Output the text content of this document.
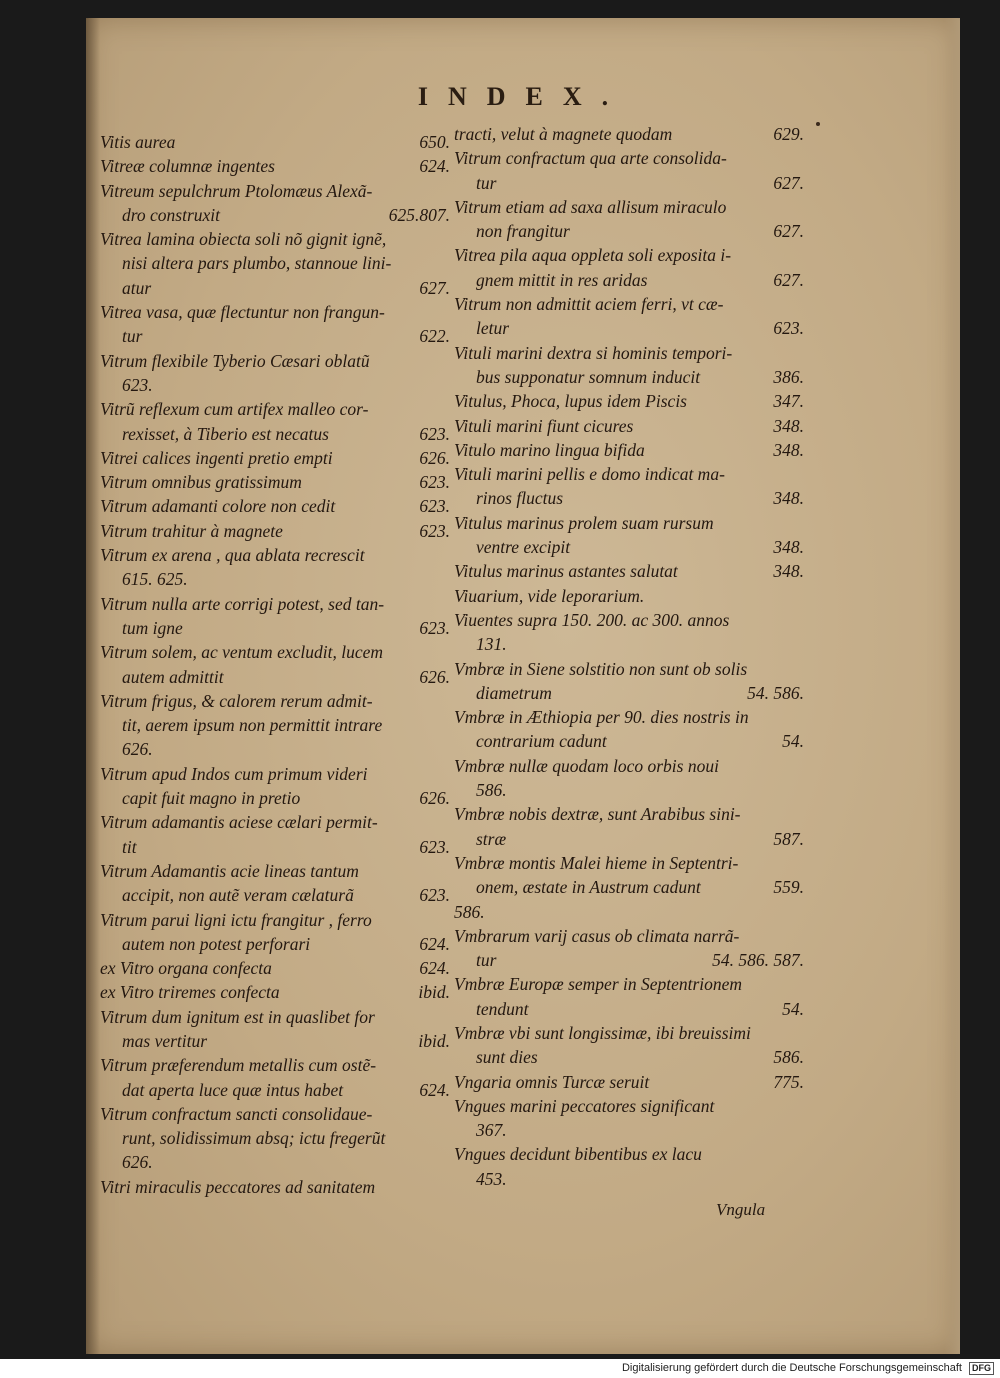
INDEX.
Vitis aurea	650.
Vitreæ columnæ ingentes	624.
Vitreum sepulchrum Ptolomæus Alexã-
dro construxit	625.807.
Vitrea lamina obiecta soli nõ gignit ignẽ,
nisi altera pars plumbo, stannoue lini-
atur	627.
Vitrea vasa, quæ flectuntur non frangun-
tur	622.
Vitrum flexibile Tyberio Cæsari oblatũ
623.
Vitrũ reflexum cum artifex malleo cor-
rexisset, à Tiberio est necatus	623.
Vitrei calices ingenti pretio empti	626.
Vitrum omnibus gratissimum	623.
Vitrum adamanti colore non cedit	623.
Vitrum trahitur à magnete	623.
Vitrum ex arena , qua ablata recrescit
615. 625.
Vitrum nulla arte corrigi potest, sed tan-
tum igne	623.
Vitrum solem, ac ventum excludit, lucem
autem admittit	626.
Vitrum frigus, & calorem rerum admit-
tit, aerem ipsum non permittit intrare
626.
Vitrum apud Indos cum primum videri
capit fuit magno in pretio	626.
Vitrum adamantis aciese cælari permit-
tit	623.
Vitrum Adamantis acie lineas tantum
accipit, non autẽ veram cælaturã	623.
Vitrum parui ligni ictu frangitur , ferro
autem non potest perforari	624.
ex Vitro organa confecta	624.
ex Vitro triremes confecta	ibid.
Vitrum dum ignitum est in quaslibet for
mas vertitur	ibid.
Vitrum præferendum metallis cum ostẽ-
dat aperta luce quæ intus habet	624.
Vitrum confractum sancti consolidaue-
runt, solidissimum absq; ictu fregerũt
626.
Vitri miraculis peccatores ad sanitatem
tracti, velut à magnete quodam	629.
Vitrum confractum qua arte consolida-
tur	627.
Vitrum etiam ad saxa allisum miraculo
non frangitur	627.
Vitrea pila aqua oppleta soli exposita i-
gnem mittit in res aridas	627.
Vitrum non admittit aciem ferri, vt cæ-
letur	623.
Vituli marini dextra si hominis tempori-
bus supponatur somnum inducit	386.
Vitulus, Phoca, lupus idem Piscis	347.
Vituli marini fiunt cicures	348.
Vitulo marino lingua bifida	348.
Vituli marini pellis e domo indicat ma-
rinos fluctus	348.
Vitulus marinus prolem suam rursum
ventre excipit	348.
Vitulus marinus astantes salutat	348.
Viuarium, vide leporarium.
Viuentes supra 150. 200. ac 300. annos
131.
Vmbræ in Siene solstitio non sunt ob solis
diametrum	54. 586.
Vmbræ in Æthiopia per 90. dies nostris in
contrarium cadunt	54.
Vmbræ nullæ quodam loco orbis noui
586.
Vmbræ nobis dextræ, sunt Arabibus sini-
stræ	587.
Vmbræ montis Malei hieme in Septentri-
onem, æstate in Austrum cadunt	559.
586.
Vmbrarum varij casus ob climata narrã-
tur	54. 586. 587.
Vmbræ Europæ semper in Septentrionem
tendunt	54.
Vmbræ vbi sunt longissimæ, ibi breuissimi
sunt dies	586.
Vngaria omnis Turcæ seruit	775.
Vngues marini peccatores significant
367.
Vngues decidunt bibentibus ex lacu
453.
Vngula
Digitalisierung gefördert durch die Deutsche Forschungsgemeinschaft DFG
